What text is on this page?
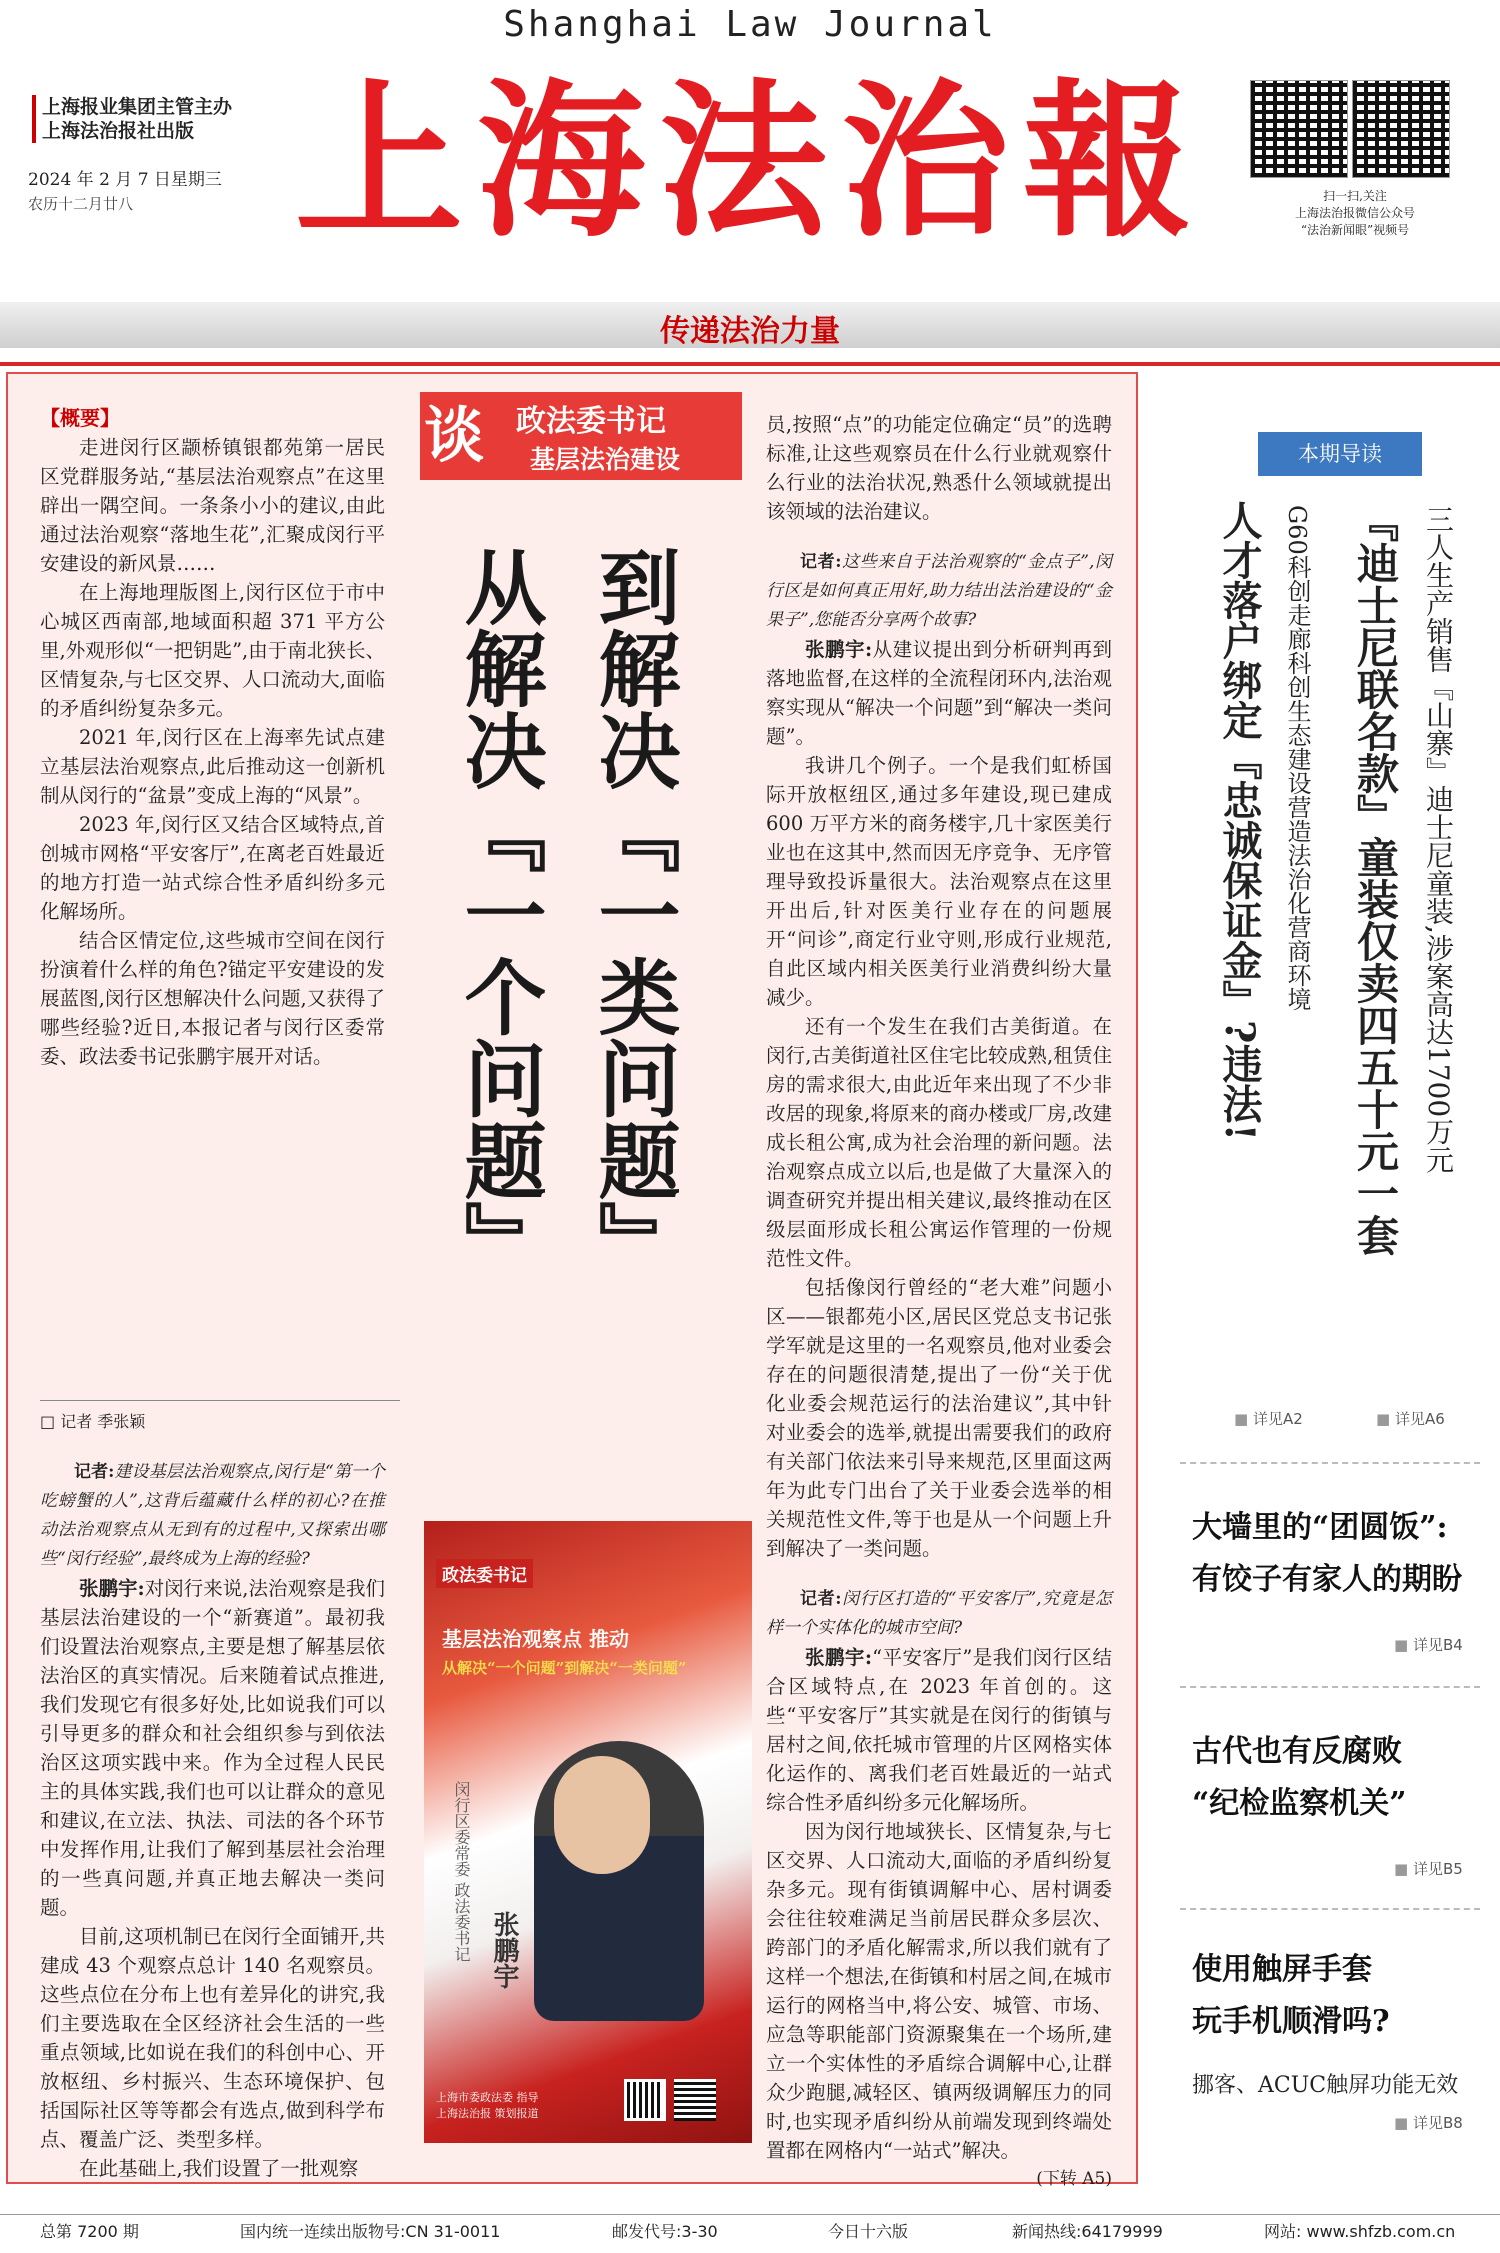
Shanghai Law Journal
上海报业集团主管主办
上海法治报社出版
2024 年 2 月 7 日星期三
农历十二月廿八 上海法治報	扫一扫,关注
上海法治报微信公众号
“法治新闻眼”视频号
传递法治力量
【概要】

走进闵行区颛桥镇银都苑第一居民区党群服务站,“基层法治观察点”在这里辟出一隅空间。一条条小小的建议,由此通过法治观察“落地生花”,汇聚成闵行平安建设的新风景……

在上海地理版图上,闵行区位于市中心城区西南部,地域面积超 371 平方公里,外观形似“一把钥匙”,由于南北狭长、区情复杂,与七区交界、人口流动大,面临的矛盾纠纷复杂多元。

2021 年,闵行区在上海率先试点建立基层法治观察点,此后推动这一创新机制从闵行的“盆景”变成上海的“风景”。

2023 年,闵行区又结合区域特点,首创城市网格“平安客厅”,在离老百姓最近的地方打造一站式综合性矛盾纠纷多元化解场所。

结合区情定位,这些城市空间在闵行扮演着什么样的角色?锚定平安建设的发展蓝图,闵行区想解决什么问题,又获得了哪些经验?近日,本报记者与闵行区委常委、政法委书记张鹏宇展开对话。

□ 记者 季张颖

记者:建设基层法治观察点,闵行是“第一个吃螃蟹的人”,这背后蕴藏什么样的初心?在推动法治观察点从无到有的过程中,又探索出哪些“闵行经验”,最终成为上海的经验?

张鹏宇:对闵行来说,法治观察是我们基层法治建设的一个“新赛道”。最初我们设置法治观察点,主要是想了解基层依法治区的真实情况。后来随着试点推进,我们发现它有很多好处,比如说我们可以引导更多的群众和社会组织参与到依法治区这项实践中来。作为全过程人民民主的具体实践,我们也可以让群众的意见和建议,在立法、执法、司法的各个环节中发挥作用,让我们了解到基层社会治理的一些真问题,并真正地去解决一类问题。

目前,这项机制已在闵行全面铺开,共建成 43 个观察点总计 140 名观察员。这些点位在分布上也有差异化的讲究,我们主要选取在全区经济社会生活的一些重点领域,比如说在我们的科创中心、开放枢纽、乡村振兴、生态环境保护、包括国际社区等等都会有选点,做到科学布点、覆盖广泛、类型多样。

在此基础上,我们设置了一批观察

谈 政法委书记
基层法治建设
到解决『一类问题』
从解决『一个问题』
政法委书记
基层法治观察点 推动
从解决“一个问题”到解决“一类问题”
闵行区委常委 政法委书记 张鹏宇
上海市委政法委 指导
上海法治报 策划报道
员,按照“点”的功能定位确定“员”的选聘标准,让这些观察员在什么行业就观察什么行业的法治状况,熟悉什么领域就提出该领域的法治建议。

记者:这些来自于法治观察的“金点子”,闵行区是如何真正用好,助力结出法治建设的“金果子”,您能否分享两个故事?

张鹏宇:从建议提出到分析研判再到落地监督,在这样的全流程闭环内,法治观察实现从“解决一个问题”到“解决一类问题”。

我讲几个例子。一个是我们虹桥国际开放枢纽区,通过多年建设,现已建成 600 万平方米的商务楼宇,几十家医美行业也在这其中,然而因无序竞争、无序管理导致投诉量很大。法治观察点在这里开出后,针对医美行业存在的问题展开“问诊”,商定行业守则,形成行业规范,自此区域内相关医美行业消费纠纷大量减少。

还有一个发生在我们古美街道。在闵行,古美街道社区住宅比较成熟,租赁住房的需求很大,由此近年来出现了不少非改居的现象,将原来的商办楼或厂房,改建成长租公寓,成为社会治理的新问题。法治观察点成立以后,也是做了大量深入的调查研究并提出相关建议,最终推动在区级层面形成长租公寓运作管理的一份规范性文件。

包括像闵行曾经的“老大难”问题小区——银都苑小区,居民区党总支书记张学军就是这里的一名观察员,他对业委会存在的问题很清楚,提出了一份“关于优化业委会规范运行的法治建议”,其中针对业委会的选举,就提出需要我们的政府有关部门依法来引导来规范,区里面这两年为此专门出台了关于业委会选举的相关规范性文件,等于也是从一个问题上升到解决了一类问题。

记者:闵行区打造的“平安客厅”,究竟是怎样一个实体化的城市空间?

张鹏宇:“平安客厅”是我们闵行区结合区域特点,在 2023 年首创的。这些“平安客厅”其实就是在闵行的街镇与居村之间,依托城市管理的片区网格实体化运作的、离我们老百姓最近的一站式综合性矛盾纠纷多元化解场所。

因为闵行地域狭长、区情复杂,与七区交界、人口流动大,面临的矛盾纠纷复杂多元。现有街镇调解中心、居村调委会往往较难满足当前居民群众多层次、跨部门的矛盾化解需求,所以我们就有了这样一个想法,在街镇和村居之间,在城市运行的网格当中,将公安、城管、市场、应急等职能部门资源聚集在一个场所,建立一个实体性的矛盾综合调解中心,让群众少跑腿,减轻区、镇两级调解压力的同时,也实现矛盾纠纷从前端发现到终端处置都在网格内“一站式”解决。

(下转 A5)
本期导读
三人生产销售『山寨』迪士尼童装,涉案高达1700万元
『迪士尼联名款』童装仅卖四五十元一套
G60科创走廊科创生态建设营造法治化营商环境
人才落户绑定『忠诚保证金』?违法!
■ 详见A2
■	详见A6
大墙里的“团圆饭”:
有饺子有家人的期盼
■ 详见B4
古代也有反腐败
“纪检监察机关”
■ 详见B5
使用触屏手套
玩手机顺滑吗?
挪客、ACUC触屏功能无效
■ 详见B8
总第 7200 期	国内统一连续出版物号:CN 31-0011	邮发代号:3-30	今日十六版	新闻热线:64179999	网站: www.shfzb.com.cn
